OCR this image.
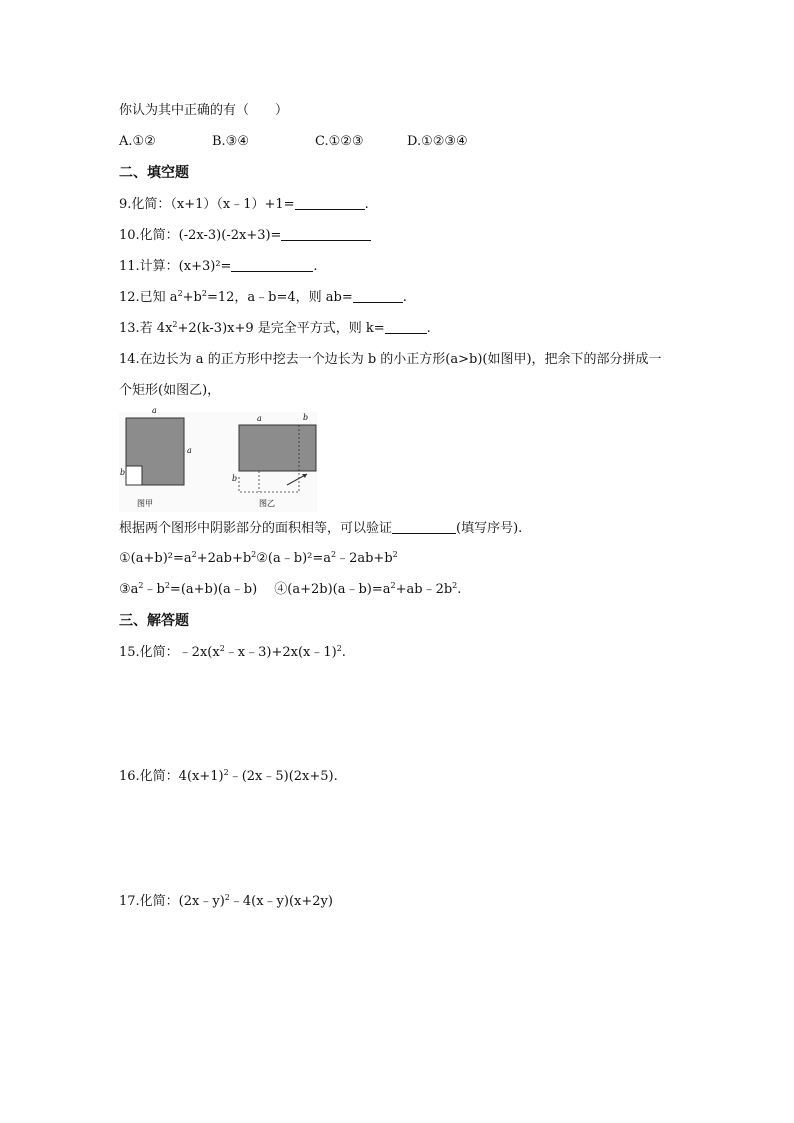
你认为其中正确的有（　　）
A.①②	B.③④	C.①②③	D.①②③④
二、填空题
9.化简：（x+1）（x﹣1）+1=	.
10.化简：(-2x-3)(-2x+3)=
11.计算：(x+3)²=	.
12.已知 $a^2+b^2=12$，a﹣b=4，则 ab=	.
13.若 $4x^2+2(k-3)x+9$ 是完全平方式，则 k=	.
14.在边长为 a 的正方形中挖去一个边长为 b 的小正方形(a>b)(如图甲)，把余下的部分拼成一
个矩形(如图乙)，
a
a
b
a	b
b
图甲	图乙
根据两个图形中阴影部分的面积相等，可以验证	(填写序号).
$①(a+b)^2=a^2+2ab+b^2②(a﹣b)^2=a^2﹣2ab+b^2$
$③a^2﹣b^2=(a+b)(a﹣b)$　 $④(a+2b)(a﹣b)=a^2+ab﹣2b^2$.
三、解答题
15.化简：$﹣2x(x^2﹣x﹣3)+2x(x﹣1)^2$.
16.化简：$4(x+1)^2﹣(2x﹣5)(2x+5)$.
17.化简：(2x﹣y)$^2$﹣4(x﹣y)(x+2y)
